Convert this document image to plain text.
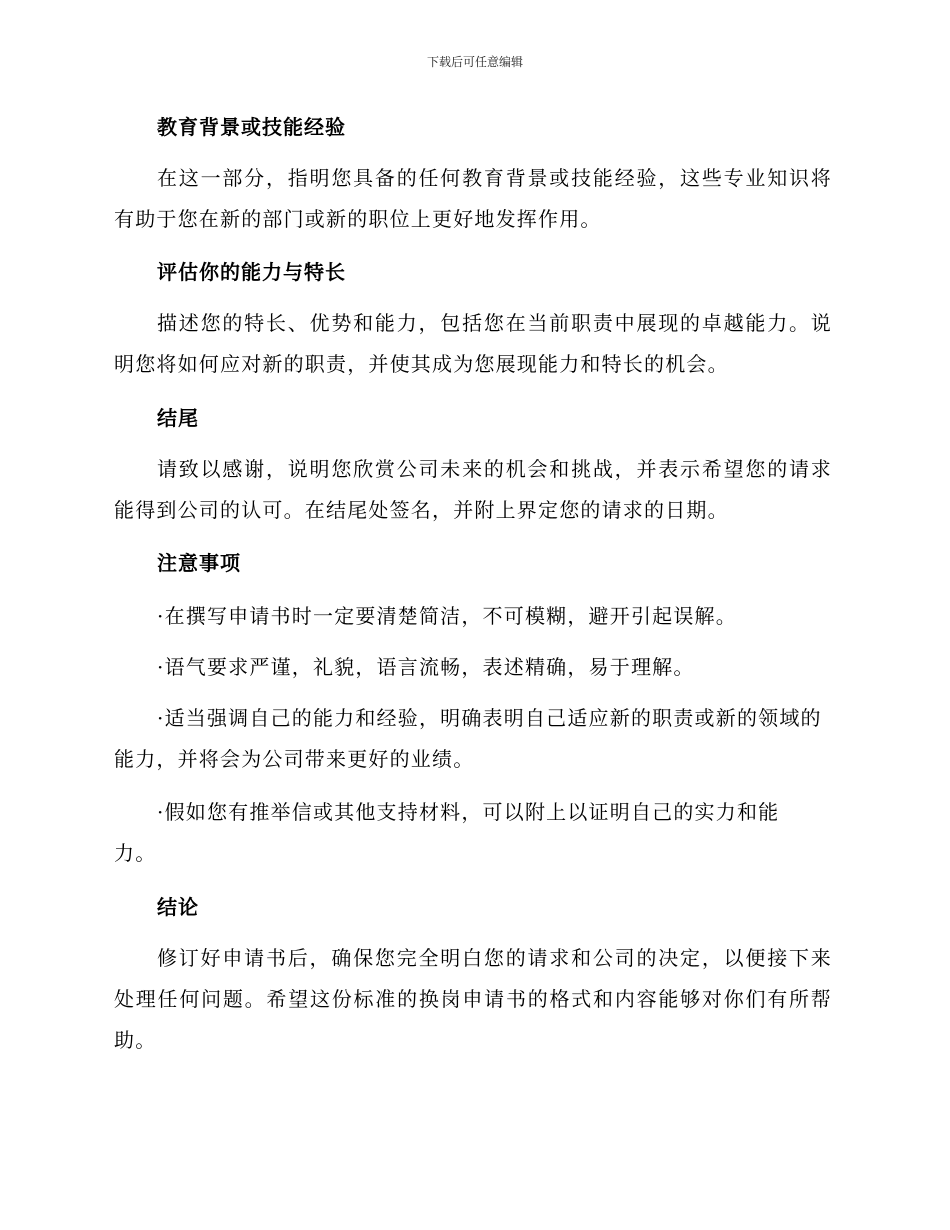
下载后可任意编辑
教育背景或技能经验

在这一部分，指明您具备的任何教育背景或技能经验，这些专业知识将有助于您在新的部门或新的职位上更好地发挥作用。

评估你的能力与特长

描述您的特长、优势和能力，包括您在当前职责中展现的卓越能力。说明您将如何应对新的职责，并使其成为您展现能力和特长的机会。

结尾

请致以感谢，说明您欣赏公司未来的机会和挑战，并表示希望您的请求能得到公司的认可。在结尾处签名，并附上界定您的请求的日期。

注意事项

·在撰写申请书时一定要清楚简洁，不可模糊，避开引起误解。

·语气要求严谨，礼貌，语言流畅，表述精确，易于理解。

·适当强调自己的能力和经验，明确表明自己适应新的职责或新的领域的能力，并将会为公司带来更好的业绩。

·假如您有推举信或其他支持材料，可以附上以证明自己的实力和能力。

结论

修订好申请书后，确保您完全明白您的请求和公司的决定，以便接下来处理任何问题。希望这份标准的换岗申请书的格式和内容能够对你们有所帮助。
